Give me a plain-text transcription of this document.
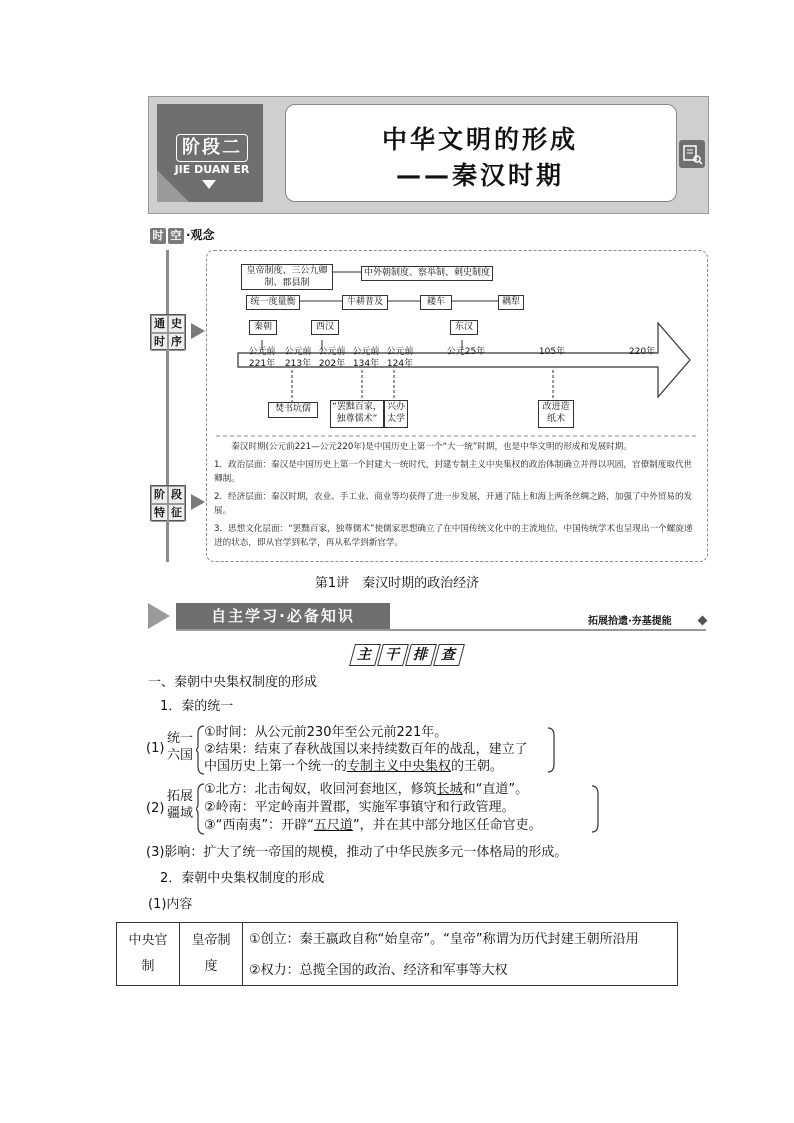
阶段二
JIE DUAN ER
中华文明的形成
——秦汉时期
时 空 ·观念
通 史
时 序
阶 段
特 征
皇帝制度、三公九卿制、郡县制
中外朝制度、察举制、刺史制度
统一度量衡	牛耕普及	耧车	耦犁
秦朝	西汉	东汉
公元前221年
公元前213年
公元前202年
公元前134年
公元前124年
公元25年	105年	220年
焚书坑儒	“罢黜百家，独尊儒术”
兴办太学
改进造纸术
秦汉时期(公元前221—公元220年)是中国历史上第一个“大一统”时期，也是中华文明的形成和发展时期。
1．政治层面：秦汉是中国历史上第一个封建大一统时代，封建专制主义中央集权的政治体制确立并得以巩固，官僚制度取代世卿制。
2．经济层面：秦汉时期，农业、手工业、商业等均获得了进一步发展，开通了陆上和海上两条丝绸之路，加强了中外贸易的发展。
3．思想文化层面：“罢黜百家，独尊儒术”使儒家思想确立了在中国传统文化中的主流地位，中国传统学术也呈现出一个螺旋递进的状态，即从官学到私学，再从私学到新官学。
第1讲　秦汉时期的政治经济
自主学习·必备知识	拓展拾遗·夯基提能
主 干 排 查
一、秦朝中央集权制度的形成
1．秦的统一
(1)
统一六国
①时间：从公元前230年至公元前221年。
②结果：结束了春秋战国以来持续数百年的战乱，建立了
中国历史上第一个统一的专制主义中央集权的王朝。
(2)
拓展疆域
①北方：北击匈奴，收回河套地区，修筑长城和“直道”。
②岭南：平定岭南并置郡，实施军事镇守和行政管理。
③“西南夷”：开辟“五尺道”，并在其中部分地区任命官吏。
(3)影响：扩大了统一帝国的规模，推动了中华民族多元一体格局的形成。
2．秦朝中央集权制度的形成
(1)内容
中央官制	皇帝制度	①创立：秦王嬴政自称“始皇帝”。“皇帝”称谓为历代封建王朝所沿用
②权力：总揽全国的政治、经济和军事等大权
